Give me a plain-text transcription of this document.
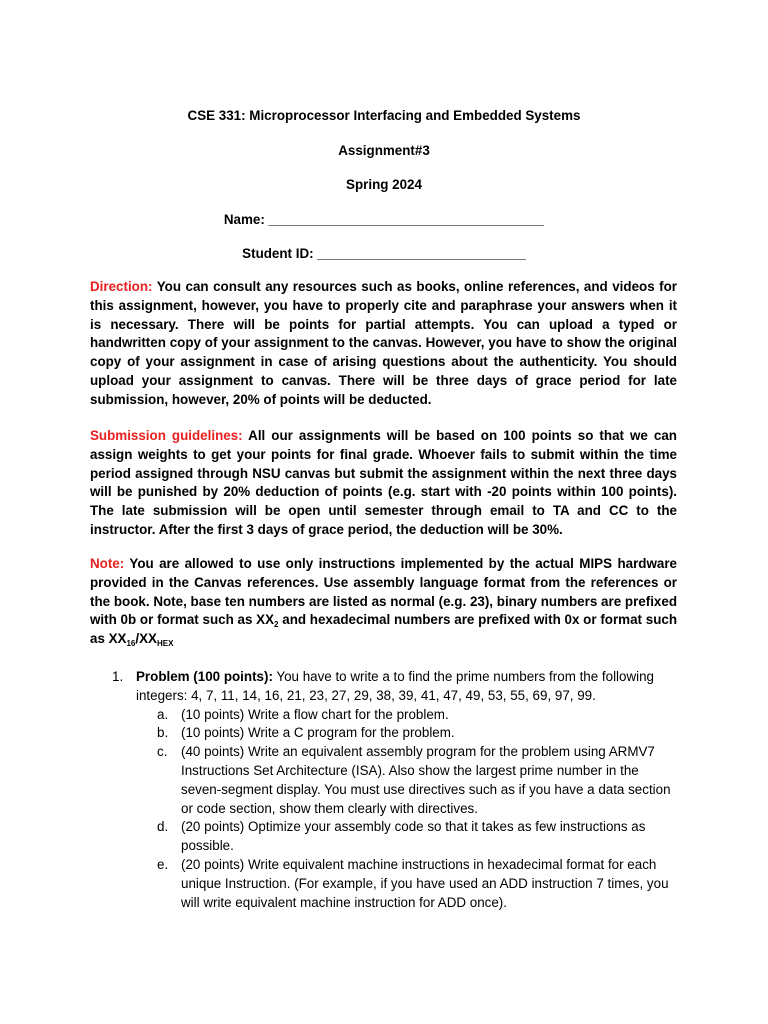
CSE 331: Microprocessor Interfacing and Embedded Systems
Assignment#3
Spring 2024
Name: _____________________________________
Student ID: ____________________________
Direction: You can consult any resources such as books, online references, and videos for this assignment, however, you have to properly cite and paraphrase your answers when it is necessary. There will be points for partial attempts. You can upload a typed or handwritten copy of your assignment to the canvas. However, you have to show the original copy of your assignment in case of arising questions about the authenticity. You should upload your assignment to canvas. There will be three days of grace period for late submission, however, 20% of points will be deducted.
Submission guidelines: All our assignments will be based on 100 points so that we can assign weights to get your points for final grade. Whoever fails to submit within the time period assigned through NSU canvas but submit the assignment within the next three days will be punished by 20% deduction of points (e.g. start with -20 points within 100 points). The late submission will be open until semester through email to TA and CC to the instructor. After the first 3 days of grace period, the deduction will be 30%.
Note: You are allowed to use only instructions implemented by the actual MIPS hardware provided in the Canvas references. Use assembly language format from the references or the book. Note, base ten numbers are listed as normal (e.g. 23), binary numbers are prefixed with 0b or format such as $XX_2$ and hexadecimal numbers are prefixed with 0x or format such as $XX_{16}/XX_{HEX}$
1. Problem (100 points): You have to write a to find the prime numbers from the following integers: 4, 7, 11, 14, 16, 21, 23, 27, 29, 38, 39, 41, 47, 49, 53, 55, 69, 97, 99.
a. (10 points) Write a flow chart for the problem.
b. (10 points) Write a C program for the problem.
c. (40 points) Write an equivalent assembly program for the problem using ARMV7 Instructions Set Architecture (ISA). Also show the largest prime number in the seven-segment display. You must use directives such as if you have a data section or code section, show them clearly with directives.
d. (20 points) Optimize your assembly code so that it takes as few instructions as possible.
e. (20 points) Write equivalent machine instructions in hexadecimal format for each unique Instruction. (For example, if you have used an ADD instruction 7 times, you will write equivalent machine instruction for ADD once).
